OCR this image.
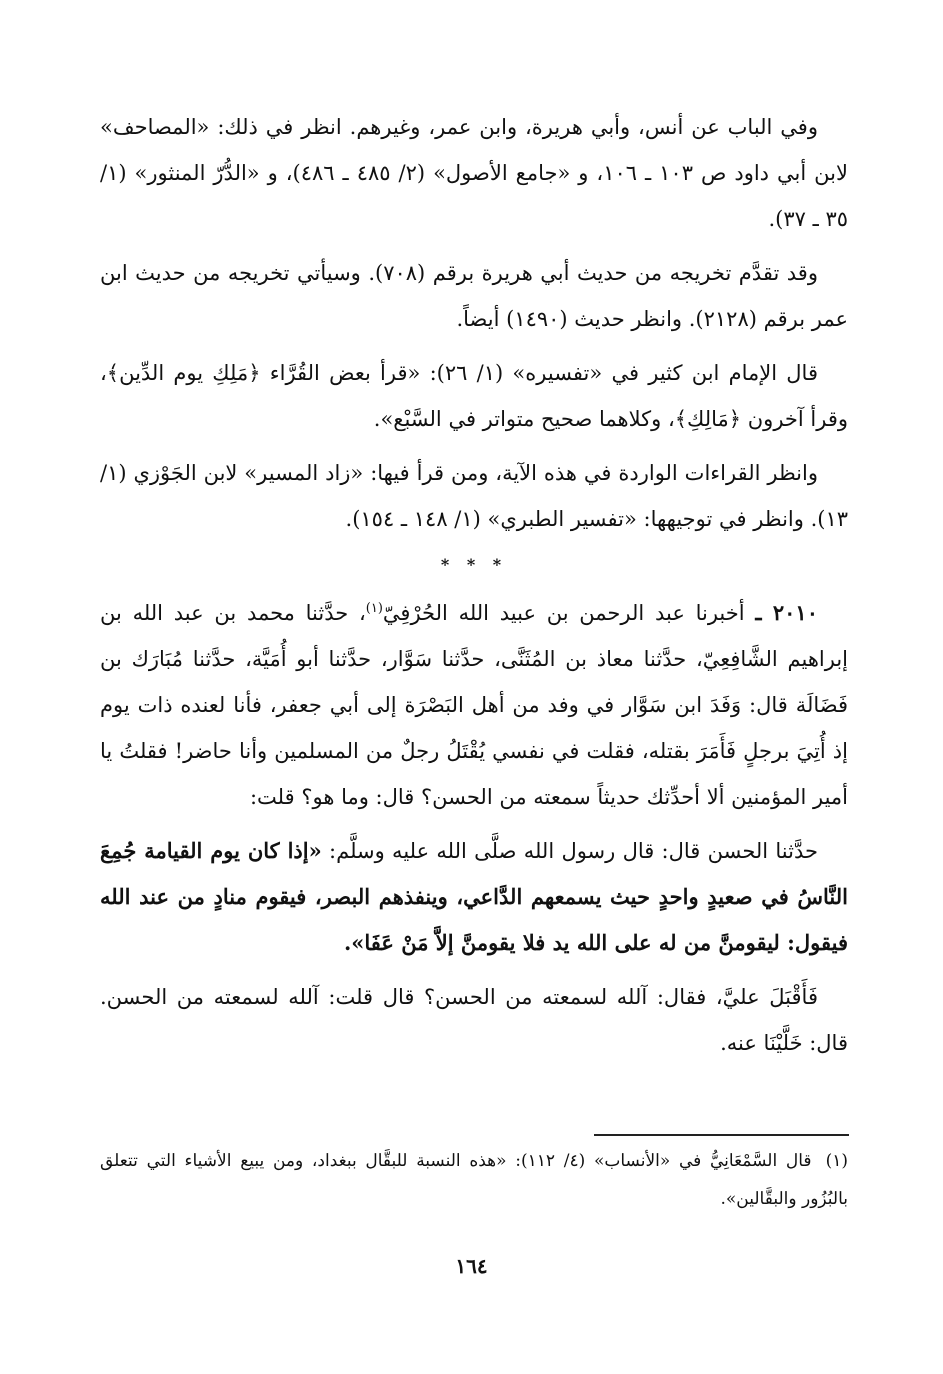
وفي الباب عن أنس، وأبي هريرة، وابن عمر، وغيرهم. انظر في ذلك: «المصاحف» لابن أبي داود ص ١٠٣ ـ ١٠٦، و «جامع الأصول» (٢/ ٤٨٥ ـ ٤٨٦)، و «الدُّرّ المنثور» (١/ ٣٥ ـ ٣٧).

وقد تقدَّم تخريجه من حديث أبي هريرة برقم (٧٠٨). وسيأتي تخريجه من حديث ابن عمر برقم (٢١٢٨). وانظر حديث (١٤٩٠) أيضاً.

قال الإمام ابن كثير في «تفسيره» (١/ ٢٦): «قرأ بعض القُرَّاء ﴿مَلِكِ يوم الدِّين﴾، وقرأ آخرون ﴿مَالِكِ﴾، وكلاهما صحيح متواتر في السَّبْع».

وانظر القراءات الواردة في هذه الآية، ومن قرأ فيها: «زاد المسير» لابن الجَوْزي (١/ ١٣). وانظر في توجيهها: «تفسير الطبري» (١/ ١٤٨ ـ ١٥٤).

* * *

٢٠١٠ ـ أخبرنا عبد الرحمن بن عبيد الله الحُرْفِيّ$^{(١)}$، حدَّثنا محمد بن عبد الله بن إبراهيم الشَّافِعِيّ، حدَّثنا معاذ بن المُثَنَّى، حدَّثنا سَوَّار، حدَّثنا أبو أُمَيَّة، حدَّثنا مُبَارَك بن فَضَالَة قال: وَفَدَ ابن سَوَّار في وفد من أهل البَصْرَة إلى أبي جعفر، فأنا لعنده ذات يوم إذ أُتِيَ برجلٍ فَأَمَرَ بقتله، فقلت في نفسي يُقْتَلُ رجلٌ من المسلمين وأنا حاضر! فقلتُ يا أمير المؤمنين ألا أحدِّثك حديثاً سمعته من الحسن؟ قال: وما هو؟ قلت:

حدَّثنا الحسن قال: قال رسول الله صلَّى الله عليه وسلَّم: «إذا كان يوم القيامة جُمِعَ النَّاسُ في صعيدٍ واحدٍ حيث يسمعهم الدَّاعي، وينفذهم البصر، فيقوم منادٍ من عند الله فيقول: ليقومنَّ من له على الله يد فلا يقومنَّ إلاَّ مَنْ عَفَا».

فَأَقْبَلَ عليَّ، فقال: آلله لسمعته من الحسن؟ قال قلت: آلله لسمعته من الحسن. قال: خَلَّيْنَا عنه.

(١)قال السَّمْعَانِيُّ في «الأنساب» (٤/ ١١٢): «هذه النسبة للبقَّال ببغداد، ومن يبيع الأشياء التي تتعلق بالبُزُور والبقَّالين».
١٦٤
